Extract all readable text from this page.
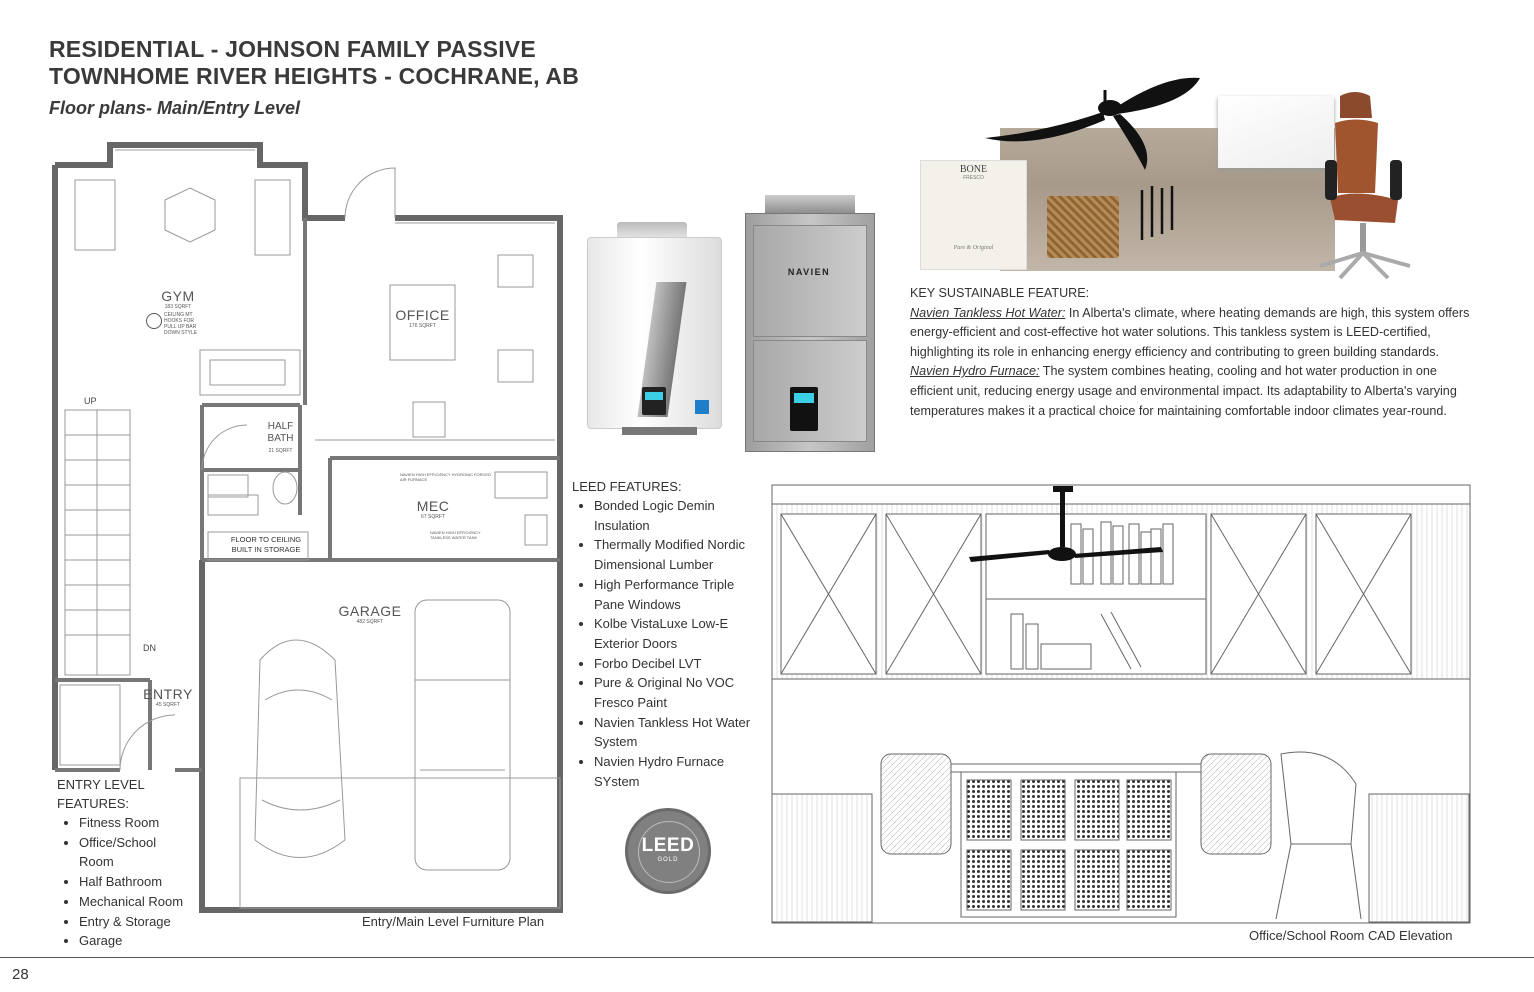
RESIDENTIAL - JOHNSON FAMILY PASSIVE
TOWNHOME RIVER HEIGHTS - COCHRANE, AB
Floor plans- Main/Entry Level
GYM
183 SQRFT
CEILING MT
HOOKS FOR
PULL UP BAR
DOWN STYLE
OFFICE
176 SQRFT
HALF
BATH
21 SQRFT
MEC
67 SQRFT
NAVIEN HIGH EFFICIENCY HYDRONIC FORCED AIR FURNACE
NAVIEN HIGH EFFICIENCY TANKLESS WATER TANK
FLOOR TO CEILING
BUILT IN STORAGE
GARAGE
482 SQRFT
ENTRY
45 SQRFT
UP
DN
Entry/Main Level Furniture Plan
ENTRY LEVEL
FEATURES:
• Fitness Room
• Office/School Room
• Half Bathroom
• Mechanical Room
• Entry & Storage
• Garage
NAVIEN
BONE
FRESCO
Pure & Original
KEY SUSTAINABLE FEATURE:
Navien Tankless Hot Water: In Alberta's climate, where heating demands are high, this system offers energy-efficient and cost-effective hot water solutions. This tankless system is LEED-certified, highlighting its role in enhancing energy efficiency and contributing to green building standards.
Navien Hydro Furnace: The system combines heating, cooling and hot water production in one efficient unit, reducing energy usage and environmental impact. Its adaptability to Alberta's varying temperatures makes it a practical choice for maintaining comfortable indoor climates year-round.
LEED FEATURES:
• Bonded Logic Demin Insulation
• Thermally Modified Nordic Dimensional Lumber
• High Performance Triple Pane Windows
• Kolbe VistaLuxe Low-E Exterior Doors
• Forbo Decibel LVT
• Pure & Original No VOC Fresco Paint
• Navien Tankless Hot Water System
• Navien Hydro Furnace SYstem
LEED
GOLD
Office/School Room CAD Elevation
28
